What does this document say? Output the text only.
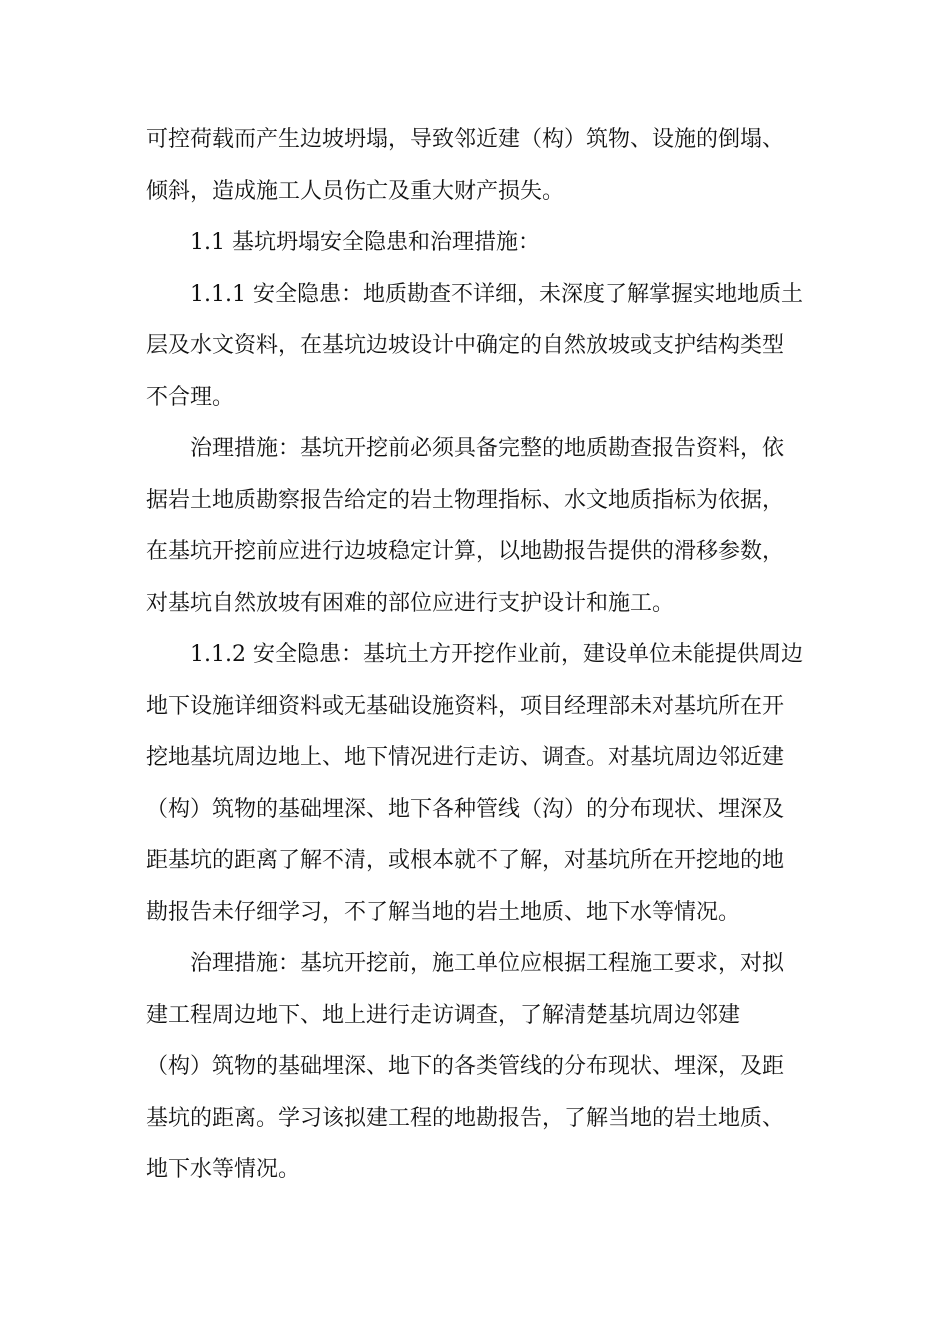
可控荷载而产生边坡坍塌，导致邻近建（构）筑物、设施的倒塌、
倾斜，造成施工人员伤亡及重大财产损失。
1.1 基坑坍塌安全隐患和治理措施：
1.1.1 安全隐患：地质勘查不详细，未深度了解掌握实地地质土
层及水文资料，在基坑边坡设计中确定的自然放坡或支护结构类型
不合理。
治理措施：基坑开挖前必须具备完整的地质勘查报告资料，依
据岩土地质勘察报告给定的岩土物理指标、水文地质指标为依据，
在基坑开挖前应进行边坡稳定计算，以地勘报告提供的滑移参数，
对基坑自然放坡有困难的部位应进行支护设计和施工。
1.1.2 安全隐患：基坑土方开挖作业前，建设单位未能提供周边
地下设施详细资料或无基础设施资料，项目经理部未对基坑所在开
挖地基坑周边地上、地下情况进行走访、调查。对基坑周边邻近建
（构）筑物的基础埋深、地下各种管线（沟）的分布现状、埋深及
距基坑的距离了解不清，或根本就不了解，对基坑所在开挖地的地
勘报告未仔细学习，不了解当地的岩土地质、地下水等情况。
治理措施：基坑开挖前，施工单位应根据工程施工要求，对拟
建工程周边地下、地上进行走访调查，了解清楚基坑周边邻建
（构）筑物的基础埋深、地下的各类管线的分布现状、埋深，及距
基坑的距离。学习该拟建工程的地勘报告，了解当地的岩土地质、
地下水等情况。
